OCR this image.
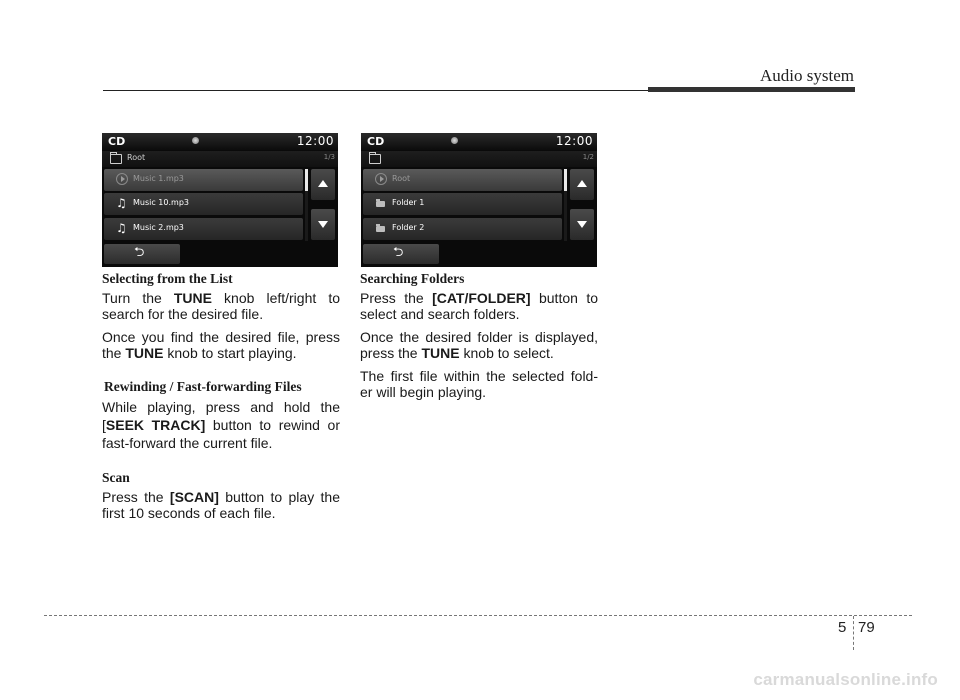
Audio system
CD	12:00
Root	1/3
Music 1.mp3
♫ Music 10.mp3
♫ Music 2.mp3
⮌
CD	12:00
1/2
Root
Folder 1
Folder 2
⮌
Selecting from the List

Turn the TUNE knob left/right to search for the desired file.

Once you find the desired file, press the TUNE knob to start playing.

Rewinding / Fast-forwarding Files

While playing, press and hold the [SEEK TRACK] button to rewind or fast-forward the current file.

Scan

Press the [SCAN] button to play the first 10 seconds of each file.

Searching Folders

Press the [CAT/FOLDER] button to select and search folders.

Once the desired folder is displayed, press the TUNE knob to select.

The first file within the selected fold- er will begin playing.

5 79
carmanualsonline.info
